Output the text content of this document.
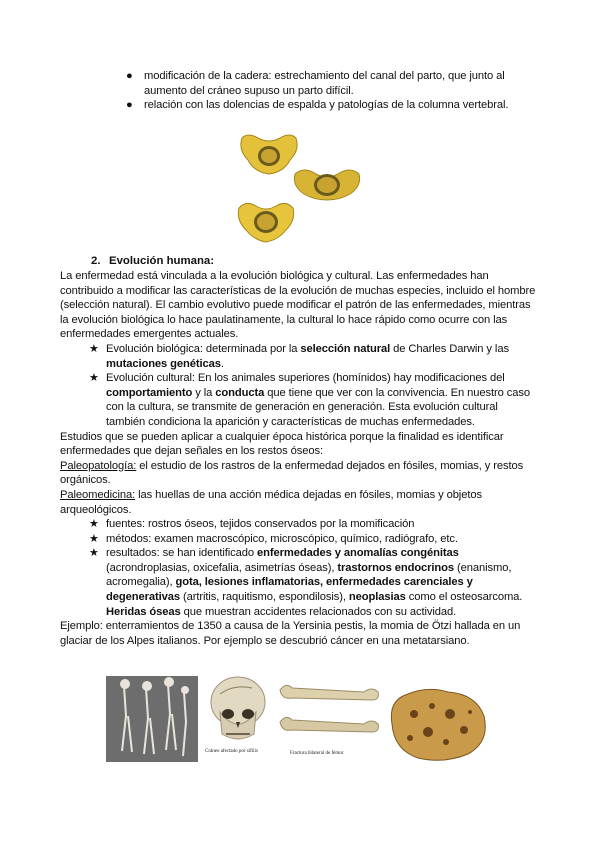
● modificación de la cadera: estrechamiento del canal del parto, que junto al aumento del cráneo supuso un parto difícil.
● relación con las dolencias de espalda y patologías de la columna vertebral.
2. Evolución humana:

La enfermedad está vinculada a la evolución biológica y cultural. Las enfermedades han contribuido a modificar las características de la evolución de muchas especies, incluido el hombre (selección natural). El cambio evolutivo puede modificar el patrón de las enfermedades, mientras la evolución biológica lo hace paulatinamente, la cultural lo hace rápido como ocurre con las enfermedades emergentes actuales.

★ Evolución biológica: determinada por la selección natural de Charles Darwin y las mutaciones genéticas.
★ Evolución cultural: En los animales superiores (homínidos) hay modificaciones del comportamiento y la conducta que tiene que ver con la convivencia. En nuestro caso con la cultura, se transmite de generación en generación. Esta evolución cultural también condiciona la aparición y características de muchas enfermedades.

Estudios que se pueden aplicar a cualquier época histórica porque la finalidad es identificar enfermedades que dejan señales en los restos óseos:

Paleopatología: el estudio de los rastros de la enfermedad dejados en fósiles, momias, y restos orgánicos.

Paleomedicina: las huellas de una acción médica dejadas en fósiles, momias y objetos arqueológicos.

★ fuentes: rostros óseos, tejidos conservados por la momificación
★ métodos: examen macroscópico, microscópico, químico, radiógrafo, etc.
★ resultados: se han identificado enfermedades y anomalías congénitas (acrondroplasias, oxicefalia, asimetrías óseas), trastornos endocrinos (enanismo, acromegalia), gota, lesiones inflamatorias, enfermedades carenciales y degenerativas (artritis, raquitismo, espondilosis), neoplasias como el osteosarcoma. Heridas óseas que muestran accidentes relacionados con su actividad.

Ejemplo: enterramientos de 1350 a causa de la Yersinia pestis, la momia de Ötzi hallada en un glaciar de los Alpes italianos. Por ejemplo se descubrió cáncer en una metatarsiano.

Cráneo afectado por sífilis	Fractura bilateral de fémur
